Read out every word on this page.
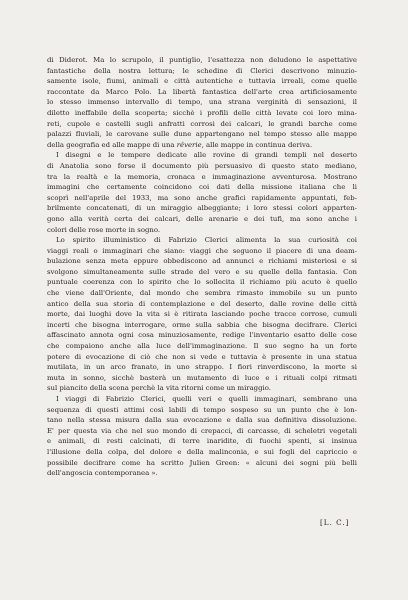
di Diderot. Ma lo scrupolo, il puntiglio, l'esattezza non deludono le aspettative
fantastiche della nostra lettura; le schedine di Clerici descrivono minuzio-
samente isole, fiumi, animali e città autentiche e tuttavia irreali, come quelle
raccontate da Marco Polo. La libertà fantastica dell'arte crea artificiosamente
lo stesso immenso intervallo di tempo, una strana verginità di sensazioni, il
diletto ineffabile della scoperta; sicchè i profili delle città levate coi loro mina-
reti, cupole e castelli sugli anfratti corrosi dei calcari, le grandi barche come
palazzi fluviali, le carovane sulle dune appartengano nel tempo stesso alle mappe
della geografia ed alle mappe di una rêverie, alle mappe in continua deriva.
I disegni e le tempere dedicate alle rovine di grandi templi nel deserto
di Anatolia sono forse il documento più persuasivo di questo stato mediano,
tra la realtà e la memoria, cronaca e immaginazione avventurosa. Mostrano
immagini che certamente coincidono coi dati della missione italiana che li
scoprì nell'aprile del 1933, ma sono anche grafici rapidamente appuntati, feb-
brilmente concatenati, di un miraggio albeggiante; i loro stessi colori apparten-
gono alla verità certa dei calcari, delle arenarie e dei tufi, ma sono anche i
colori delle rose morte in sogno.
Lo spirito illuministico di Fabrizio Clerici alimenta la sua curiosità coi
viaggi reali o immaginari che siano: viaggi che seguono il piacere di una deam-
bulazione senza meta eppure obbediscono ad annunci e richiami misteriosi e si
svolgono simultaneamente sulle strade del vero e su quelle della fantasia. Con
puntuale coerenza con lo spirito che lo sollecita il richiamo più acuto è quello
che viene dall'Oriente, dal mondo che sembra rimasto immobile su un punto
antico della sua storia di contemplazione e del deserto, dalle rovine delle città
morte, dai luoghi dove la vita si è ritirata lasciando poche tracce corrose, cumuli
incerti che bisogna interrogare, orme sulla sabbia che bisogna decifrare. Clerici
affascinato annota ogni cosa minuziosamente, redige l'inventario esatto delle cose
che compaiono anche alla luce dell'immaginazione. Il suo segno ha un forte
potere di evocazione di ciò che non si vede e tuttavia è presente in una statua
mutilata, in un arco franato, in uno strappo. I fiori rinverdiscono, la morte si
muta in sonno, sicchè basterà un mutamento di luce e i rituali colpi ritmati
sul piancito della scena perchè la vita ritorni come un miraggio.
I viaggi di Fabrizio Clerici, quelli veri e quelli immaginari, sembrano una
sequenza di questi attimi così labili di tempo sospeso su un punto che è lon-
tano nella stessa misura dalla sua evocazione e dalla sua definitiva dissoluzione.
E' per questa via che nel suo mondo di crepacci, di carcasse, di scheletri vegetali
e animali, di resti calcinati, di terre inaridite, di fuochi spenti, si insinua
l'illusione della colpa, del dolore e della malinconia, e sui fogli del capriccio e
possibile decifrare come ha scritto Julien Green: « alcuni dei sogni più belli
dell'angoscia contemporanea ».
[L. C.]
